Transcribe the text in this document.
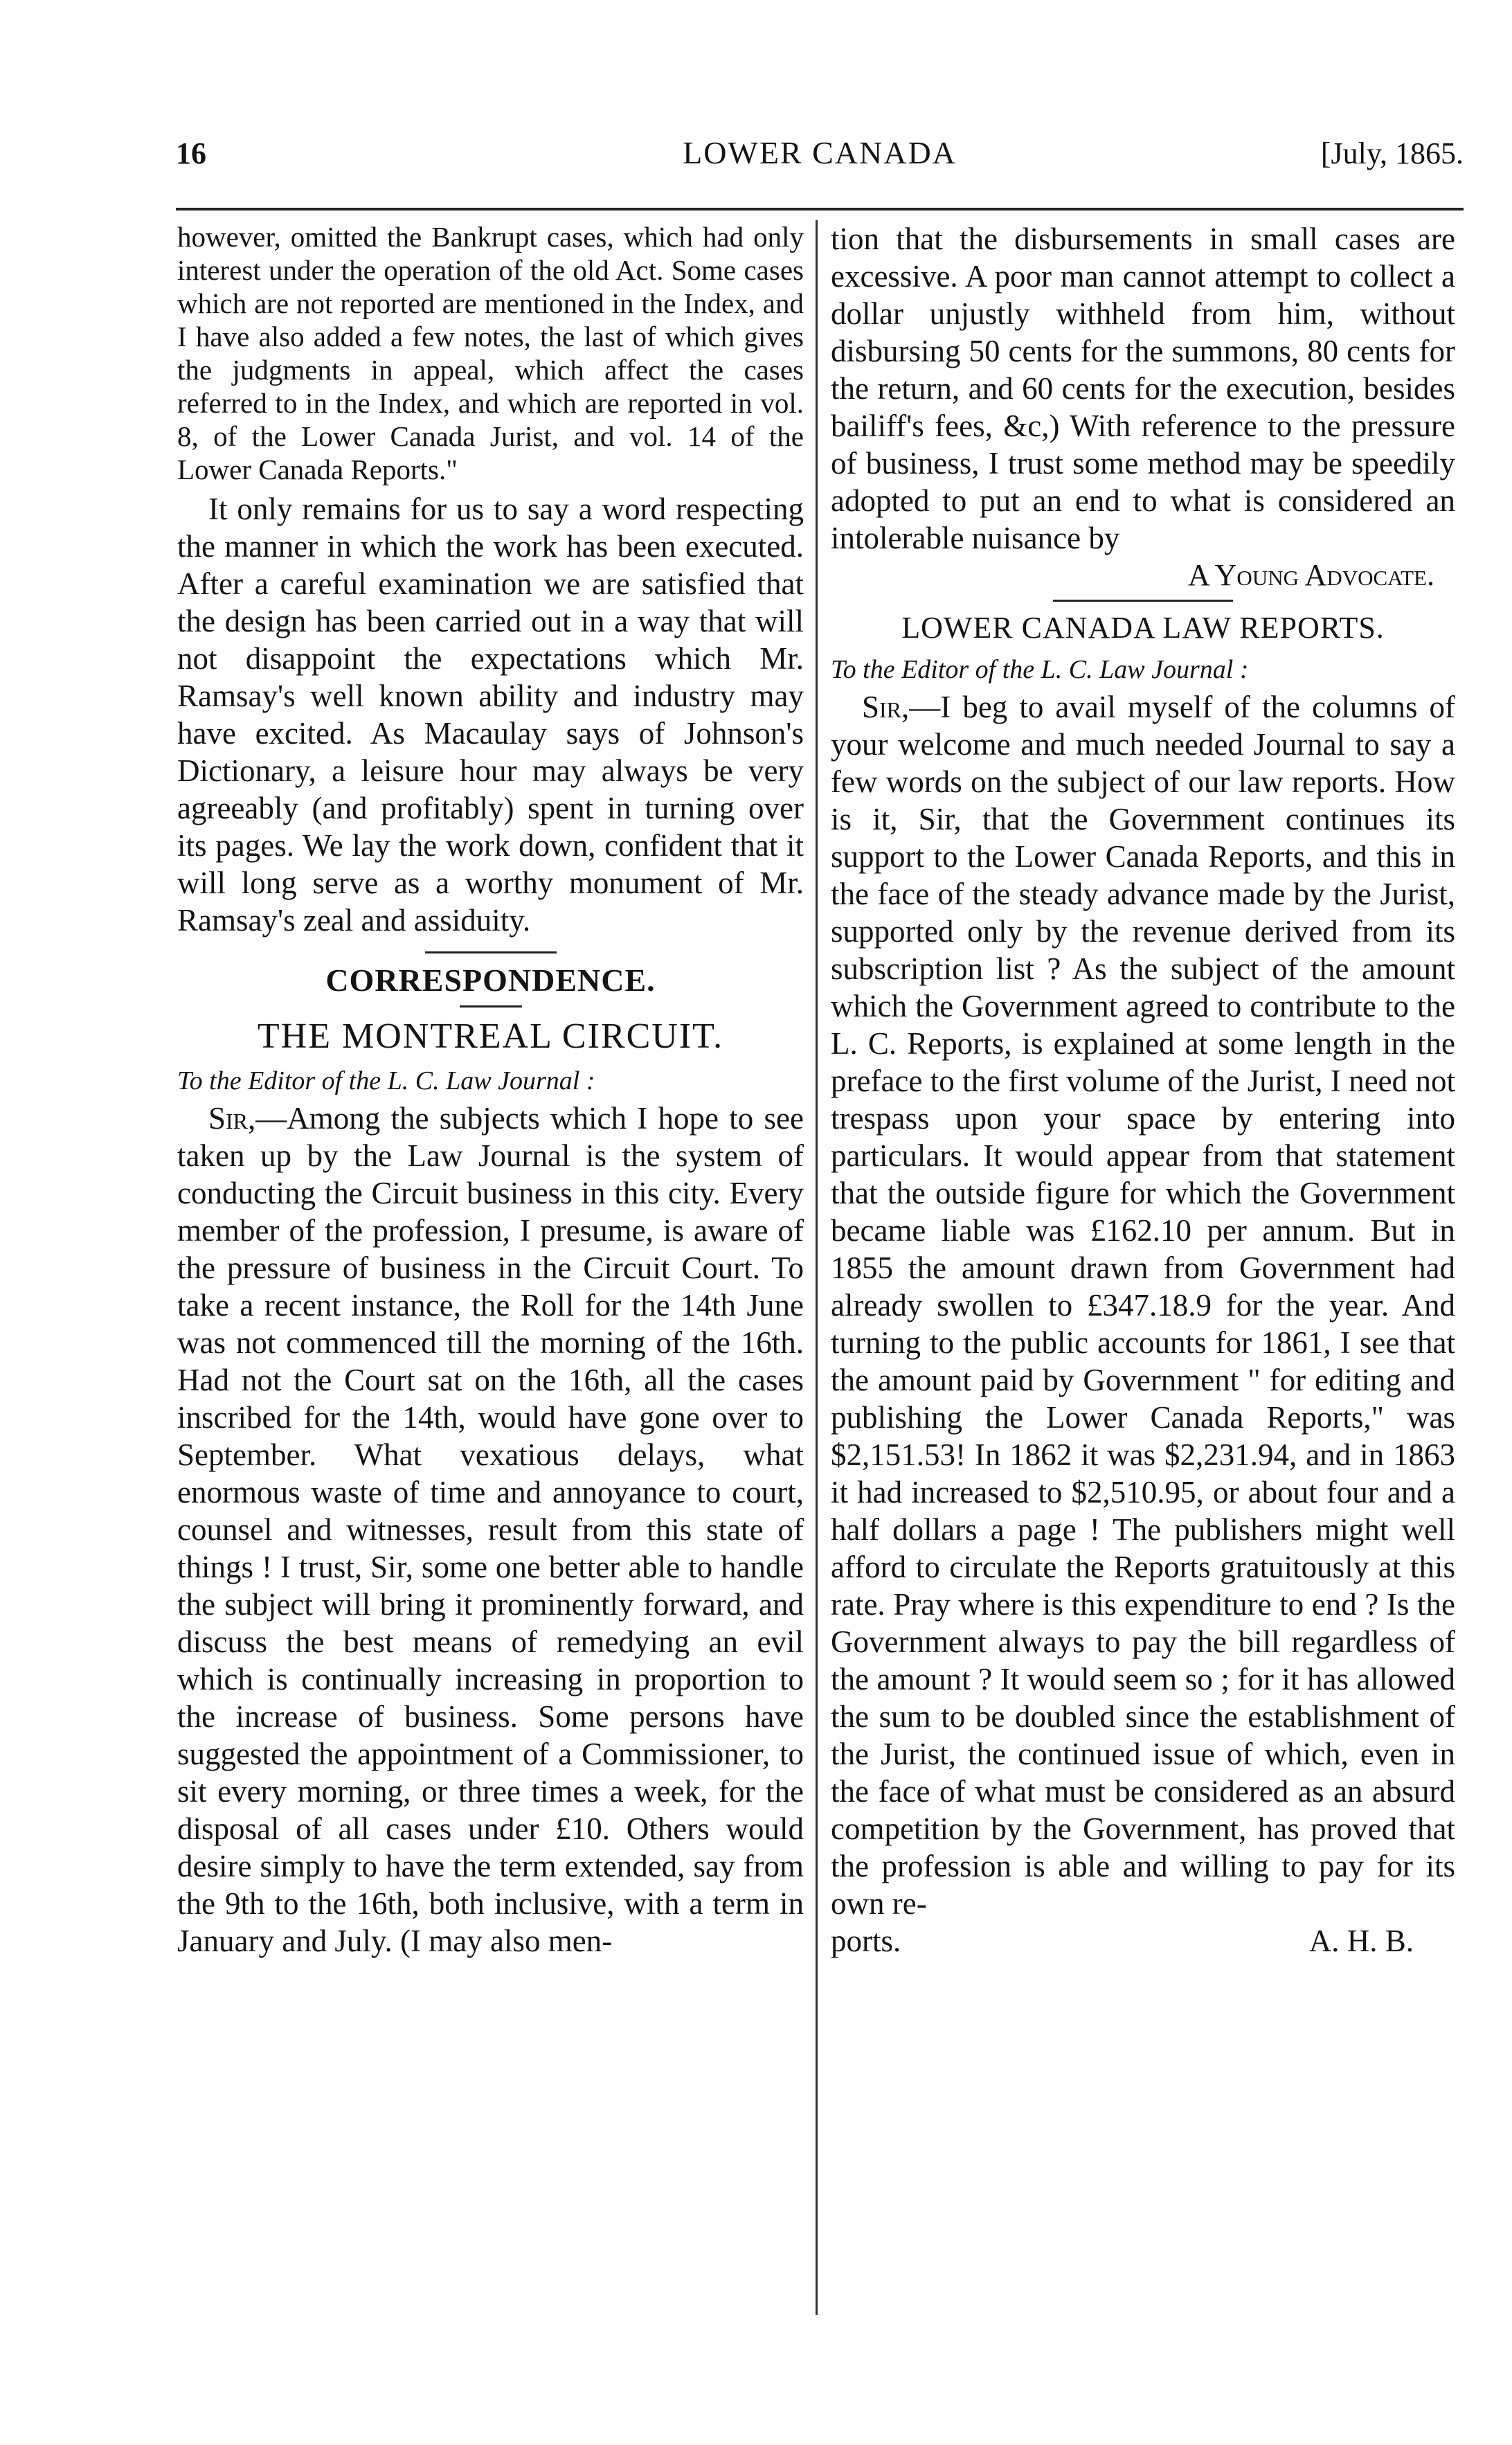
16	LOWER CANADA	[July, 1865.

however, omitted the Bankrupt cases, which had only interest under the operation of the old Act. Some cases which are not reported are mentioned in the Index, and I have also added a few notes, the last of which gives the judgments in appeal, which affect the cases referred to in the Index, and which are reported in vol. 8, of the Lower Canada Jurist, and vol. 14 of the Lower Canada Reports."

It only remains for us to say a word respecting the manner in which the work has been executed. After a careful examination we are satisfied that the design has been carried out in a way that will not disappoint the expectations which Mr. Ramsay's well known ability and industry may have excited. As Macaulay says of Johnson's Dictionary, a leisure hour may always be very agreeably (and profitably) spent in turning over its pages. We lay the work down, confident that it will long serve as a worthy monument of Mr. Ramsay's zeal and assiduity.

CORRESPONDENCE.
THE MONTREAL CIRCUIT.
To the Editor of the L. C. Law Journal :

Sir,—Among the subjects which I hope to see taken up by the Law Journal is the system of conducting the Circuit business in this city. Every member of the profession, I presume, is aware of the pressure of business in the Circuit Court. To take a recent instance, the Roll for the 14th June was not commenced till the morning of the 16th. Had not the Court sat on the 16th, all the cases inscribed for the 14th, would have gone over to September. What vexatious delays, what enormous waste of time and annoyance to court, counsel and witnesses, result from this state of things ! I trust, Sir, some one better able to handle the subject will bring it prominently forward, and discuss the best means of remedying an evil which is continually increasing in proportion to the increase of business. Some persons have suggested the appointment of a Commissioner, to sit every morning, or three times a week, for the disposal of all cases under £10. Others would desire simply to have the term extended, say from the 9th to the 16th, both inclusive, with a term in January and July. (I may also men-

tion that the disbursements in small cases are excessive. A poor man cannot attempt to collect a dollar unjustly withheld from him, without disbursing 50 cents for the summons, 80 cents for the return, and 60 cents for the execution, besides bailiff's fees, &c,) With reference to the pressure of business, I trust some method may be speedily adopted to put an end to what is considered an intolerable nuisance by

A Young Advocate.
LOWER CANADA LAW REPORTS.
To the Editor of the L. C. Law Journal :

Sir,—I beg to avail myself of the columns of your welcome and much needed Journal to say a few words on the subject of our law reports. How is it, Sir, that the Government continues its support to the Lower Canada Reports, and this in the face of the steady advance made by the Jurist, supported only by the revenue derived from its subscription list ? As the subject of the amount which the Government agreed to contribute to the L. C. Reports, is explained at some length in the preface to the first volume of the Jurist, I need not trespass upon your space by entering into particulars. It would appear from that statement that the outside figure for which the Government became liable was £162.10 per annum. But in 1855 the amount drawn from Government had already swollen to £347.18.9 for the year. And turning to the public accounts for 1861, I see that the amount paid by Government " for editing and publishing the Lower Canada Reports," was $2,151.53! In 1862 it was $2,231.94, and in 1863 it had increased to $2,510.95, or about four and a half dollars a page ! The publishers might well afford to circulate the Reports gratuitously at this rate. Pray where is this expenditure to end ? Is the Government always to pay the bill regardless of the amount ? It would seem so ; for it has allowed the sum to be doubled since the establishment of the Jurist, the continued issue of which, even in the face of what must be considered as an absurd competition by the Government, has proved that the profession is able and willing to pay for its own re-

ports.	A. H. B.
